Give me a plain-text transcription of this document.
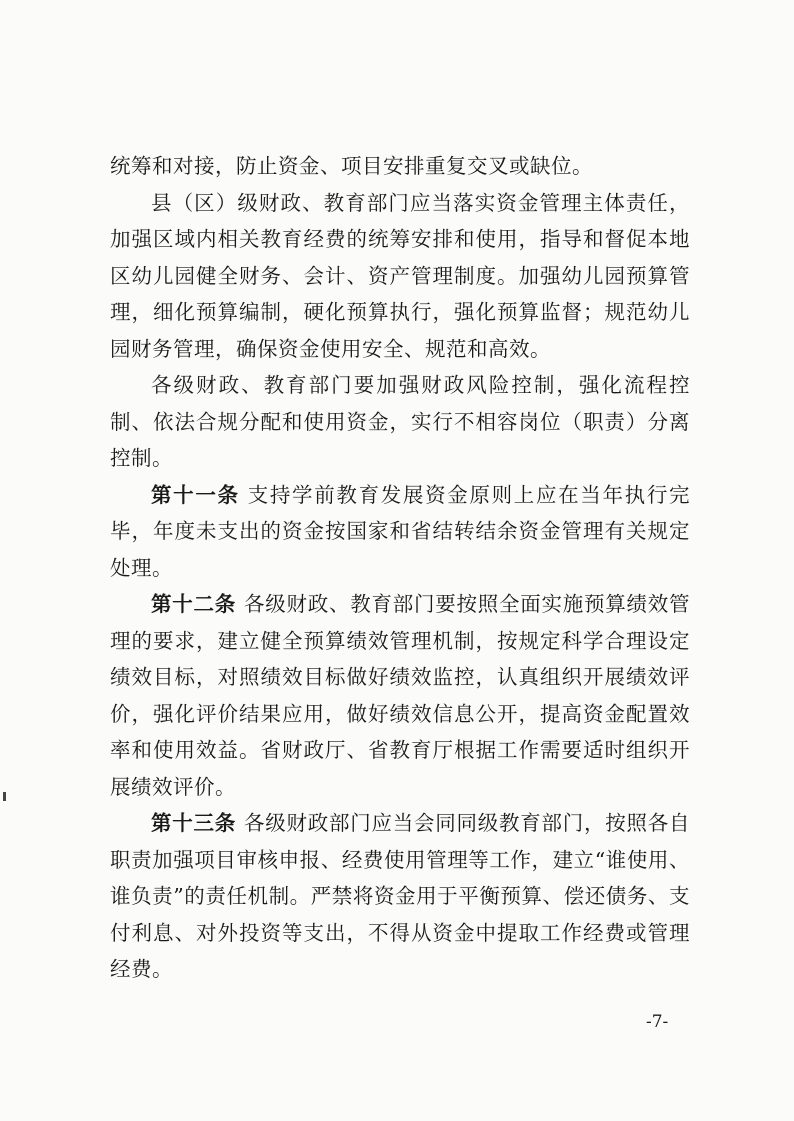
统筹和对接，防止资金、项目安排重复交叉或缺位。

县（区）级财政、教育部门应当落实资金管理主体责任，加强区域内相关教育经费的统筹安排和使用，指导和督促本地区幼儿园健全财务、会计、资产管理制度。加强幼儿园预算管理，细化预算编制，硬化预算执行，强化预算监督；规范幼儿园财务管理，确保资金使用安全、规范和高效。

各级财政、教育部门要加强财政风险控制，强化流程控制、依法合规分配和使用资金，实行不相容岗位（职责）分离控制。

第十一条 支持学前教育发展资金原则上应在当年执行完毕，年度未支出的资金按国家和省结转结余资金管理有关规定处理。

第十二条 各级财政、教育部门要按照全面实施预算绩效管理的要求，建立健全预算绩效管理机制，按规定科学合理设定绩效目标，对照绩效目标做好绩效监控，认真组织开展绩效评价，强化评价结果应用，做好绩效信息公开，提高资金配置效率和使用效益。省财政厅、省教育厅根据工作需要适时组织开展绩效评价。

第十三条 各级财政部门应当会同同级教育部门，按照各自职责加强项目审核申报、经费使用管理等工作，建立“谁使用、谁负责”的责任机制。严禁将资金用于平衡预算、偿还债务、支付利息、对外投资等支出，不得从资金中提取工作经费或管理经费。

-7-
